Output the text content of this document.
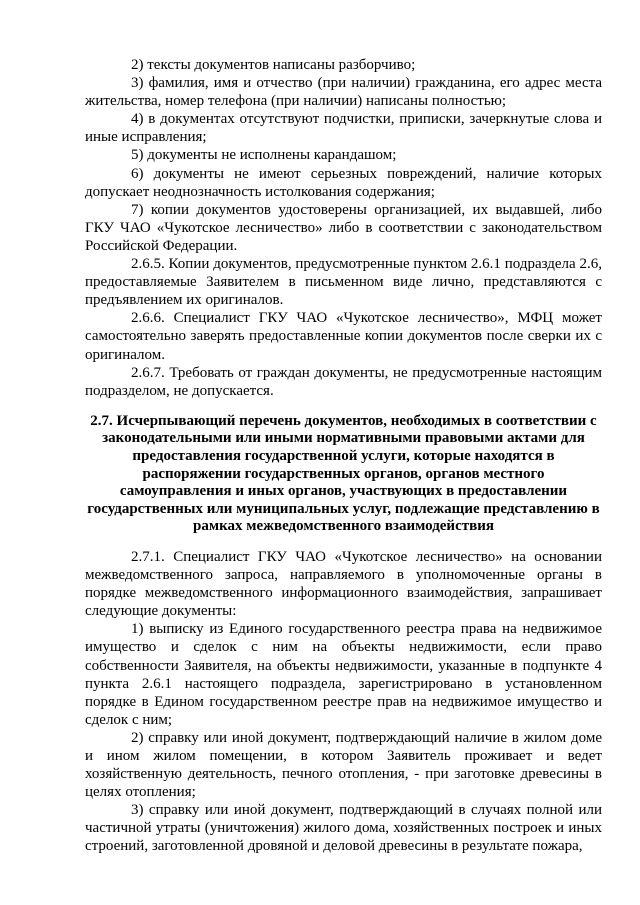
2) тексты документов написаны разборчиво;

3) фамилия, имя и отчество (при наличии) гражданина, его адрес места жительства, номер телефона (при наличии) написаны полностью;

4) в документах отсутствуют подчистки, приписки, зачеркнутые слова и иные исправления;

5) документы не исполнены карандашом;

6) документы не имеют серьезных повреждений, наличие которых допускает неоднозначность истолкования содержания;

7) копии документов удостоверены организацией, их выдавшей, либо ГКУ ЧАО «Чукотское лесничество» либо в соответствии с законодательством Российской Федерации.

2.6.5. Копии документов, предусмотренные пунктом 2.6.1 подраздела 2.6, предоставляемые Заявителем в письменном виде лично, представляются с предъявлением их оригиналов.

2.6.6. Специалист ГКУ ЧАО «Чукотское лесничество», МФЦ может самостоятельно заверять предоставленные копии документов после сверки их с оригиналом.

2.6.7. Требовать от граждан документы, не предусмотренные настоящим подразделом, не допускается.

2.7. Исчерпывающий перечень документов, необходимых в соответствии с законодательными или иными нормативными правовыми актами для предоставления государственной услуги, которые находятся в распоряжении государственных органов, органов местного самоуправления и иных органов, участвующих в предоставлении государственных или муниципальных услуг, подлежащие представлению в рамках межведомственного взаимодействия

2.7.1. Специалист ГКУ ЧАО «Чукотское лесничество» на основании межведомственного запроса, направляемого в уполномоченные органы в порядке межведомственного информационного взаимодействия, запрашивает следующие документы:

1) выписку из Единого государственного реестра права на недвижимое имущество и сделок с ним на объекты недвижимости, если право собственности Заявителя, на объекты недвижимости, указанные в подпункте 4 пункта 2.6.1 настоящего подраздела, зарегистрировано в установленном порядке в Едином государственном реестре прав на недвижимое имущество и сделок с ним;

2) справку или иной документ, подтверждающий наличие в жилом доме и ином жилом помещении, в котором Заявитель проживает и ведет хозяйственную деятельность, печного отопления, - при заготовке древесины в целях отопления;

3) справку или иной документ, подтверждающий в случаях полной или частичной утраты (уничтожения) жилого дома, хозяйственных построек и иных строений, заготовленной дровяной и деловой древесины в результате пожара,
